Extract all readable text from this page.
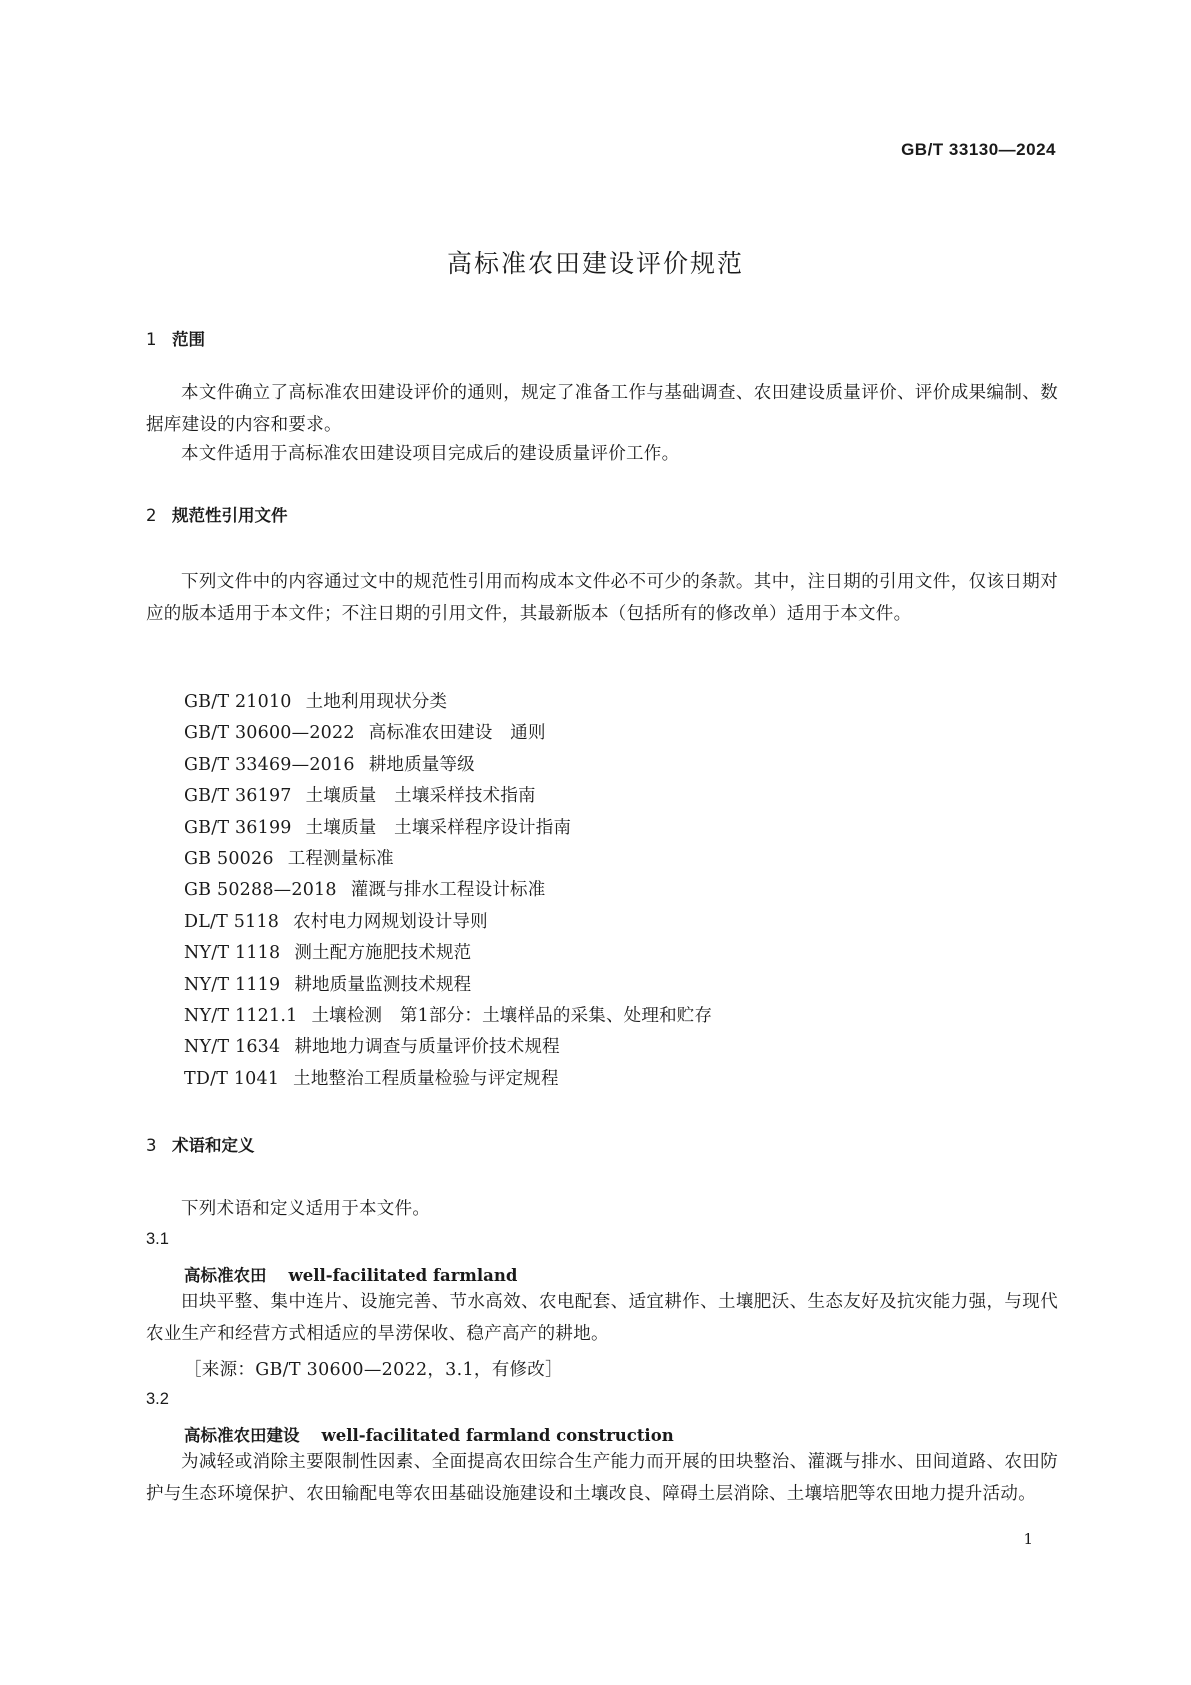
GB/T 33130—2024

高标准农田建设评价规范
1 范围

本文件确立了高标准农田建设评价的通则，规定了准备工作与基础调查、农田建设质量评价、评价成果编制、数据库建设的内容和要求。

本文件适用于高标准农田建设项目完成后的建设质量评价工作。

2 规范性引用文件

下列文件中的内容通过文中的规范性引用而构成本文件必不可少的条款。其中，注日期的引用文件，仅该日期对应的版本适用于本文件；不注日期的引用文件，其最新版本（包括所有的修改单）适用于本文件。

GB/T 21010 土地利用现状分类
GB/T 30600—2022 高标准农田建设　通则
GB/T 33469—2016 耕地质量等级
GB/T 36197 土壤质量　土壤采样技术指南
GB/T 36199 土壤质量　土壤采样程序设计指南
GB 50026 工程测量标准
GB 50288—2018 灌溉与排水工程设计标准
DL/T 5118 农村电力网规划设计导则
NY/T 1118 测土配方施肥技术规范
NY/T 1119 耕地质量监测技术规程
NY/T 1121.1 土壤检测　第1部分：土壤样品的采集、处理和贮存
NY/T 1634 耕地地力调查与质量评价技术规程
TD/T 1041 土地整治工程质量检验与评定规程
3 术语和定义

下列术语和定义适用于本文件。

3.1

高标准农田 well-facilitated farmland

田块平整、集中连片、设施完善、节水高效、农电配套、适宜耕作、土壤肥沃、生态友好及抗灾能力强，与现代农业生产和经营方式相适应的旱涝保收、稳产高产的耕地。

［来源：GB/T 30600—2022，3.1，有修改］

3.2

高标准农田建设 well-facilitated farmland construction

为减轻或消除主要限制性因素、全面提高农田综合生产能力而开展的田块整治、灌溉与排水、田间道路、农田防护与生态环境保护、农田输配电等农田基础设施建设和土壤改良、障碍土层消除、土壤培肥等农田地力提升活动。

1
